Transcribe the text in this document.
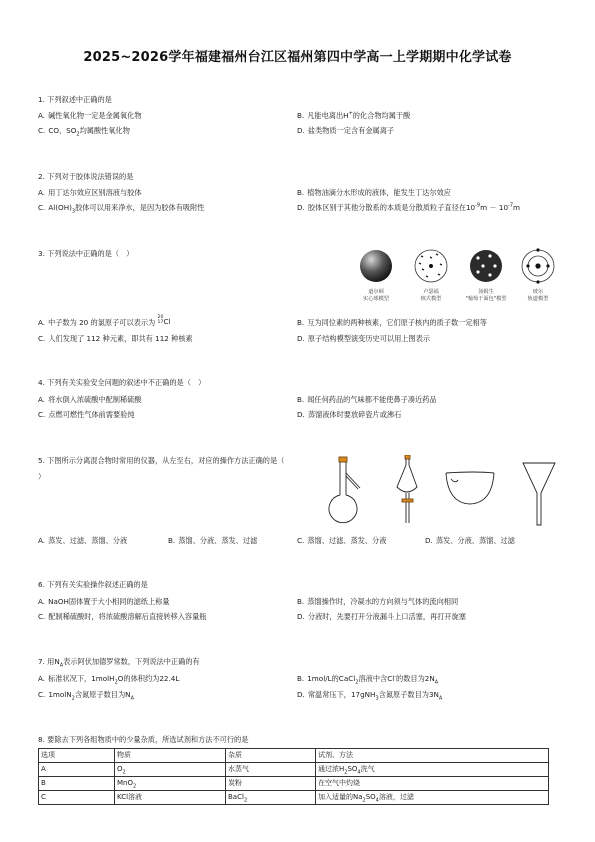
2025~2026学年福建福州台江区福州第四中学高一上学期期中化学试卷
1. 下列叙述中正确的是
A. 碱性氧化物一定是金属氧化物	B. 凡能电离出H+的化合物均属于酸
C. CO、$SO_2$均属酸性氧化物	D. 盐类物质一定含有金属离子
2. 下列对于胶体说法错误的是
A. 用丁达尔效应区别溶液与胶体	B. 植物油滴分水形成的液体，能发生丁达尔效应
C. $Al(OH)_3$胶体可以用来净水，是因为胶体有吸附性	D. 胶体区别于其他分散系的本质是分散质粒子直径在$10^{-9}m - 10^{-7}m$
3. 下列说法中正确的是（　）
道尔顿
实心球模型
卢瑟福
核式模型
汤姆生
"葡萄干面包"模型
玻尔
轨道模型
A. 中子数为 20 的氯原子可以表示为
20
17 Cl	B. 互为同位素的两种核素，它们原子核内的质子数一定相等
C. 人们发现了 112 种元素，即共有 112 种核素	D. 原子结构模型演变历史可以用上图表示
4. 下列有关实验安全问题的叙述中不正确的是（　）
A. 将水倒入浓硫酸中配制稀硫酸	B. 闻任何药品的气味都不能使鼻子凑近药品
C. 点燃可燃性气体前需要验纯	D. 蒸馏液体时要放碎瓷片或沸石
5. 下图所示分离混合物时常用的仪器，从左至右，对应的操作方法正确的是（
）
A. 蒸发、过滤、蒸馏、分液	B. 蒸馏、分液、蒸发、过滤	C. 蒸馏、过滤、蒸发、分液	D. 蒸发、分液、蒸馏、过滤
6. 下列有关实验操作叙述正确的是
A. NaOH固体置于大小相同的滤纸上称量	B. 蒸馏操作时，冷凝水的方向须与气体的流向相同
C. 配制稀硫酸时，将浓硫酸溶解后直接转移入容量瓶	D. 分液时，先要打开分液漏斗上口活塞，再打开旋塞
7. 用$N_A$表示阿伏加德罗常数，下列说法中正确的有
A. 标准状况下，1molH$_2$O的体积约为22.4L	B. 1mol/L的CaCl$_2$溶液中含Cl-的数目为$2N_A$
C. 1molN$_2$含氮原子数目为$N_A$	D. 常温常压下，17gNH$_3$含氮原子数目为$3N_A$
8. 要除去下列各组物质中的少量杂质，所选试剂和方法不可行的是
选项	物质	杂质	试剂、方法
A	$O_2$	水蒸气	通过浓$H_2SO_4$洗气
B	MnO$_2$	炭粉	在空气中灼烧
C	KCl溶液	BaCl$_2$	加入适量的$Na_2SO_4$溶液，过滤
